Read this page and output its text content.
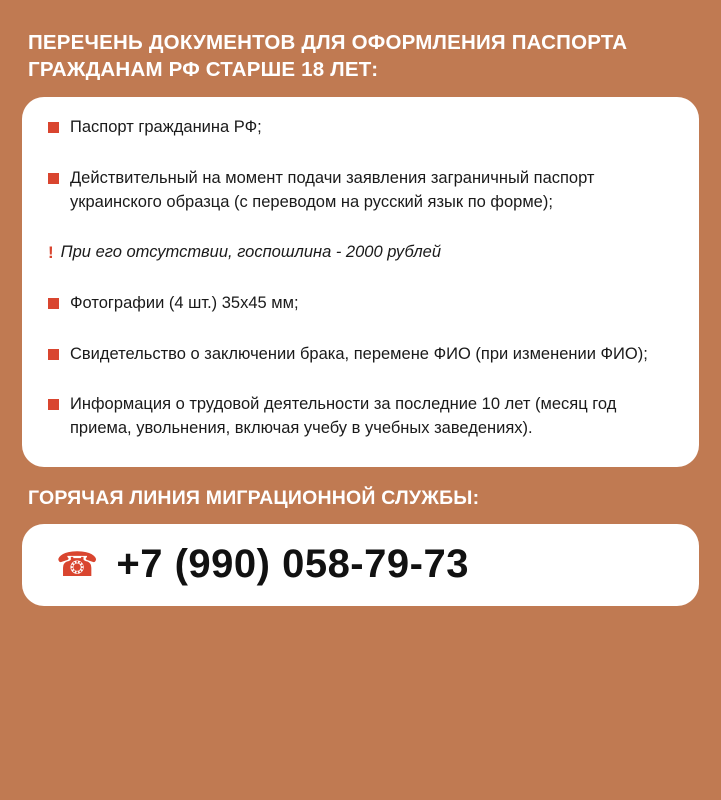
ПЕРЕЧЕНЬ ДОКУМЕНТОВ ДЛЯ ОФОРМЛЕНИЯ ПАСПОРТА ГРАЖДАНАМ РФ СТАРШЕ 18 ЛЕТ:
Паспорт гражданина РФ;
Действительный на момент подачи заявления заграничный паспорт украинского образца (с переводом на русский язык по форме);
! При его отсутствии, госпошлина - 2000 рублей
Фотографии (4 шт.) 35х45 мм;
Свидетельство о заключении брака, перемене ФИО (при изменении ФИО);
Информация о трудовой деятельности за последние 10 лет (месяц год приема, увольнения, включая учебу в учебных заведениях).
ГОРЯЧАЯ ЛИНИЯ МИГРАЦИОННОЙ СЛУЖБЫ:
☎ +7 (990) 058-79-73
